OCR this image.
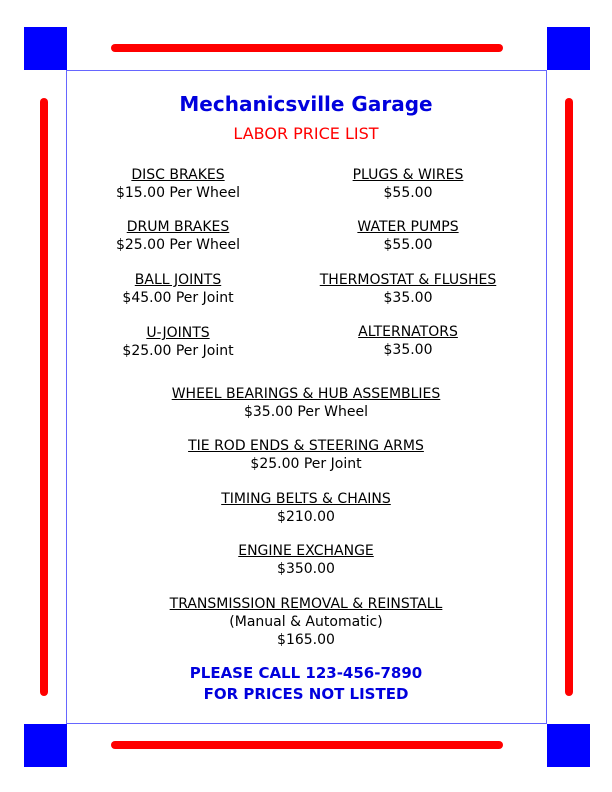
Mechanicsville Garage
LABOR PRICE LIST
DISC BRAKES
$15.00 Per Wheel
DRUM BRAKES
$25.00 Per Wheel
BALL JOINTS
$45.00 Per Joint
U-JOINTS
$25.00 Per Joint
PLUGS & WIRES
$55.00
WATER PUMPS
$55.00
THERMOSTAT & FLUSHES
$35.00
ALTERNATORS
$35.00
WHEEL BEARINGS & HUB ASSEMBLIES
$35.00 Per Wheel
TIE ROD ENDS & STEERING ARMS
$25.00 Per Joint
TIMING BELTS & CHAINS
$210.00
ENGINE EXCHANGE
$350.00
TRANSMISSION REMOVAL & REINSTALL
(Manual & Automatic)
$165.00
PLEASE CALL 123-456-7890
FOR PRICES NOT LISTED
